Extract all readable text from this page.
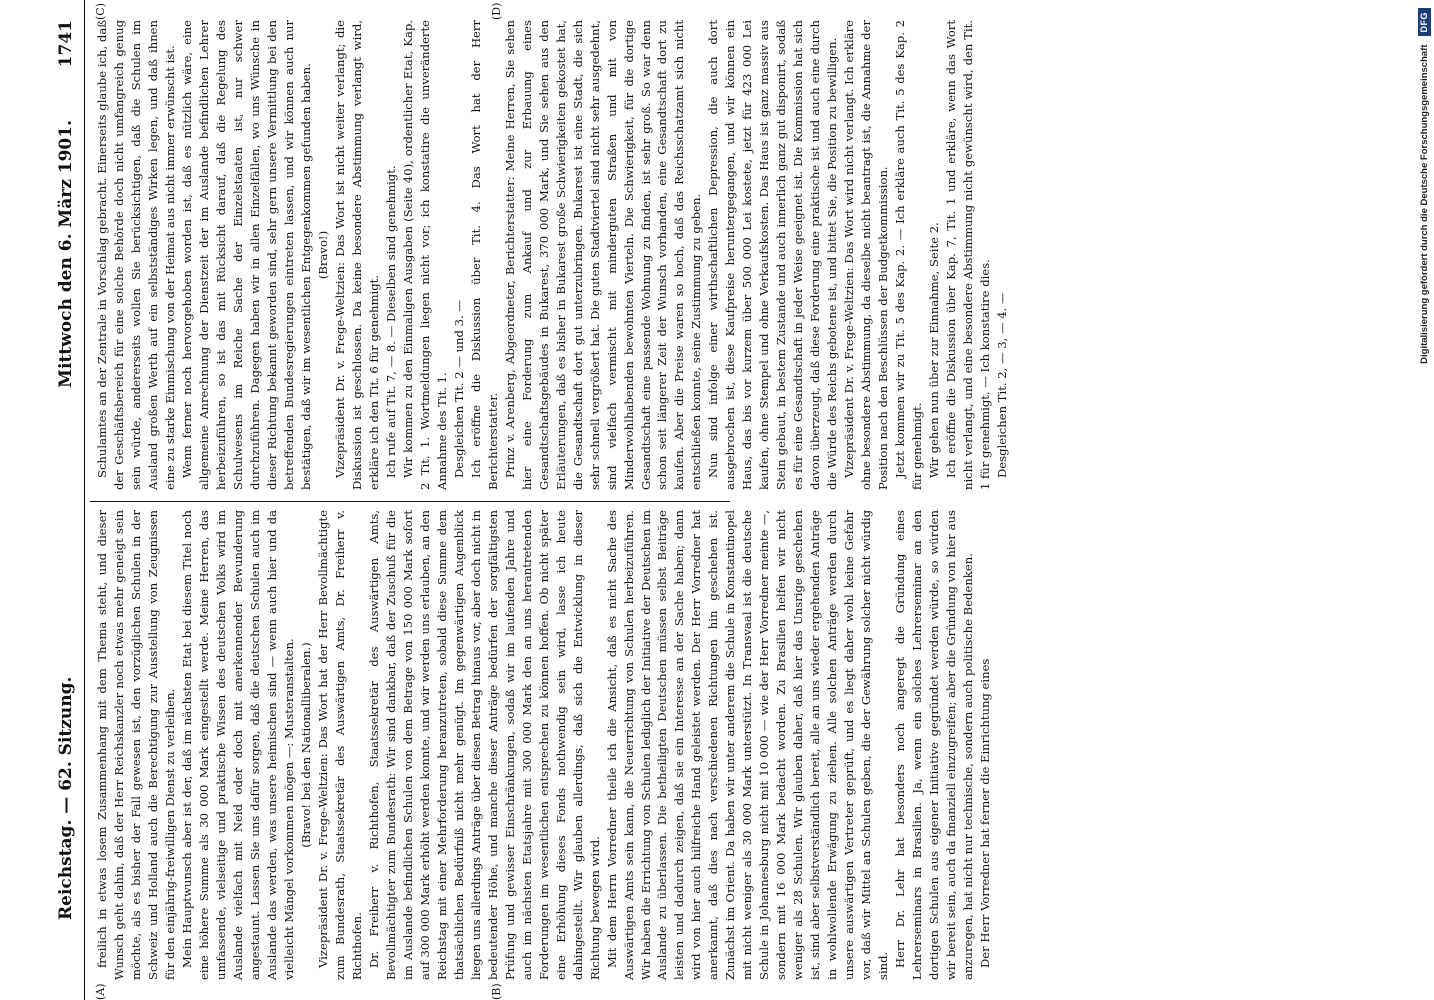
Reichstag. — 62. Sitzung.
Mittwoch den 6. März 1901.
1741
(A)	(B)
(C)	(D)

freilich in etwas losem Zusammenhang mit dem Thema steht, und dieser Wunsch geht dahin, daß der Herr Reichskanzler noch etwas mehr geneigt sein möchte, als es bisher der Fall gewesen ist, den vorzüglichen Schulen in der Schweiz und Holland auch die Berechtigung zur Ausstellung von Zeugnissen für den einjährig-freiwilligen Dienst zu verleihen. Mein Hauptwunsch aber ist der, daß im nächsten Etat bei diesem Titel noch eine höhere Summe als 30 000 Mark eingestellt werde. Meine Herren, das umfassende, vielseitige und praktische Wissen des deutschen Volks wird im Auslande vielfach mit Neid oder doch mit anerkennender Bewunderung angestaunt. Lassen Sie uns dafür sorgen, daß die deutschen Schulen auch im Auslande das werden, was unsere heimischen sind — wenn auch hier und da vielleicht Mängel vorkommen mögen —: Musteranstalten. (Bravo! bei den Nationalliberalen.) Vizepräsident Dr. v. Frege-Weltzien: Das Wort hat der Herr Bevollmächtigte zum Bundesrath, Staatssekretär des Auswärtigen Amts, Dr. Freiherr v. Richthofen. Dr. Freiherr v. Richthofen, Staatssekretär des Auswärtigen Amts, Bevollmächtigter zum Bundesrath: Wir sind dankbar, daß der Zuschuß für die im Auslande befindlichen Schulen von dem Betrage von 150 000 Mark sofort auf 300 000 Mark erhöht werden konnte, und wir werden uns erlauben, an den Reichstag mit einer Mehrforderung heranzutreten, sobald diese Summe dem thatsächlichen Bedürfniß nicht mehr genügt. Im gegenwärtigen Augenblick liegen uns allerdings Anträge über diesen Betrag hinaus vor, aber doch nicht in bedeutender Höhe, und manche dieser Anträge bedürfen der sorgfältigsten Prüfung und gewisser Einschränkungen, sodaß wir im laufenden Jahre und auch im nächsten Etatsjahre mit 300 000 Mark den an uns herantretenden Forderungen im wesentlichen entsprechen zu können hoffen. Ob nicht später eine Erhöhung dieses Fonds nothwendig sein wird, lasse ich heute dahingestellt. Wir glauben allerdings, daß sich die Entwicklung in dieser Richtung bewegen wird. Mit dem Herrn Vorredner theile ich die Ansicht, daß es nicht Sache des Auswärtigen Amts sein kann, die Neuerrichtung von Schulen herbeizuführen. Wir haben die Errichtung von Schulen lediglich der Initiative der Deutschen im Auslande zu überlassen. Die betheiligten Deutschen müssen selbst Beiträge leisten und dadurch zeigen, daß sie ein Interesse an der Sache haben; dann wird von hier auch hilfreiche Hand geleistet werden. Der Herr Vorredner hat anerkannt, daß dies nach verschiedenen Richtungen hin geschehen ist. Zunächst im Orient. Da haben wir unter anderem die Schule in Konstantinopel mit nicht weniger als 30 000 Mark unterstützt. In Transvaal ist die deutsche Schule in Johannesburg nicht mit 10 000 — wie der Herr Vorredner meinte —, sondern mit 16 000 Mark bedacht worden. Zu Brasilien helfen wir nicht weniger als 28 Schulen. Wir glauben daher, daß hier das Unsrige geschehen ist, sind aber selbstverständlich bereit, alle an uns wieder ergehenden Anträge in wohlwollende Erwägung zu ziehen. Alle solchen Anträge werden durch unsere auswärtigen Vertreter geprüft, und es liegt daher wohl keine Gefahr vor, daß wir Mittel an Schulen geben, die der Gewährung solcher nicht würdig sind. Herr Dr. Lehr hat besonders noch angeregt die Gründung eines Lehrerseminars in Brasilien. Ja, wenn ein solches Lehrerseminar an den dortigen Schulen aus eigener Initiative gegründet werden würde, so würden wir bereit sein, auch da finanziell einzugreifen; aber die Gründung von hier aus anzuregen, hat nicht nur technische, sondern auch politische Bedenken. Der Herr Vorredner hat ferner die Einrichtung eines

Schulamtes an der Zentrale in Vorschlag gebracht. Einerseits glaube ich, daß der Geschäftsbereich für eine solche Behörde doch nicht umfangreich genug sein würde, andererseits wollen Sie berücksichtigen, daß die Schulen im Ausland großen Werth auf ein selbstständiges Wirken legen, und daß ihnen eine zu starke Einmischung von der Heimat aus nicht immer erwünscht ist. Wenn ferner noch hervorgehoben worden ist, daß es nützlich wäre, eine allgemeine Anrechnung der Dienstzeit der im Auslande befindlichen Lehrer herbeizuführen, so ist das mit Rücksicht darauf, daß die Regelung des Schulwesens im Reiche Sache der Einzelstaaten ist, nur schwer durchzuführen. Dagegen haben wir in allen Einzelfällen, wo uns Wünsche in dieser Richtung bekannt geworden sind, sehr gern unsere Vermittlung bei den betreffenden Bundesregierungen eintreten lassen, und wir können auch nur bestätigen, daß wir im wesentlichen Entgegenkommen gefunden haben. (Bravo!) Vizepräsident Dr. v. Frege-Weltzien: Das Wort ist nicht weiter verlangt; die Diskussion ist geschlossen. Da keine besondere Abstimmung verlangt wird, erkläre ich den Tit. 6 für genehmigt. Ich rufe auf Tit. 7, — 8. — Dieselben sind genehmigt. Wir kommen zu den Einmaligen Ausgaben (Seite 40), ordentlicher Etat, Kap. 2 Tit. 1. Wortmeldungen liegen nicht vor; ich konstatire die unveränderte Annahme des Tit. 1. Desgleichen Tit. 2 — und 3. — Ich eröffne die Diskussion über Tit. 4. Das Wort hat der Herr Berichterstatter. Prinz v. Arenberg, Abgeordneter, Berichterstatter: Meine Herren, Sie sehen hier eine Forderung zum Ankauf und zur Erbauung eines Gesandtschaftsgebäudes in Bukarest, 370 000 Mark, und Sie sehen aus den Erläuterungen, daß es bisher in Bukarest große Schwierigkeiten gekostet hat, die Gesandtschaft dort gut unterzubringen. Bukarest ist eine Stadt, die sich sehr schnell vergrößert hat. Die guten Stadtviertel sind nicht sehr ausgedehnt, sind vielfach vermischt mit minderguten Straßen und mit von Minderwohlhabenden bewohnten Vierteln. Die Schwierigkeit, für die dortige Gesandtschaft eine passende Wohnung zu finden, ist sehr groß. So war denn schon seit längerer Zeit der Wunsch vorhanden, eine Gesandtschaft dort zu kaufen. Aber die Preise waren so hoch, daß das Reichsschatzamt sich nicht entschließen konnte, seine Zustimmung zu geben. Nun sind infolge einer wirthschaftlichen Depression, die auch dort ausgebrochen ist, diese Kaufpreise heruntergegangen, und wir können ein Haus, das bis vor kurzem über 500 000 Lei kostete, jetzt für 423 000 Lei kaufen, ohne Stempel und ohne Verkaufskosten. Das Haus ist ganz massiv aus Stein gebaut, in bestem Zustande und auch innerlich ganz gut disponirt, sodaß es für eine Gesandtschaft in jeder Weise geeignet ist. Die Kommission hat sich davon überzeugt, daß diese Forderung eine praktische ist und auch eine durch die Würde des Reichs gebotene ist, und bittet Sie, die Position zu bewilligen. Vizepräsident Dr. v. Frege-Weltzien: Das Wort wird nicht verlangt. Ich erkläre ohne besondere Abstimmung, da dieselbe nicht beantragt ist, die Annahme der Position nach den Beschlüssen der Budgetkommission. Jetzt kommen wir zu Tit. 5 des Kap. 2. — Ich erkläre auch Tit. 5 des Kap. 2 für genehmigt. Wir gehen nun über zur Einnahme, Seite 2. Ich eröffne die Diskussion über Kap. 7, Tit. 1 und erkläre, wenn das Wort nicht verlangt, und eine besondere Abstimmung nicht gewünscht wird, den Tit. 1 für genehmigt. — Ich konstatire dies. Desgleichen Tit. 2, — 3, — 4. —

Digitalisierung gefördert durch die Deutsche Forschungsgemeinschaft
DFG
